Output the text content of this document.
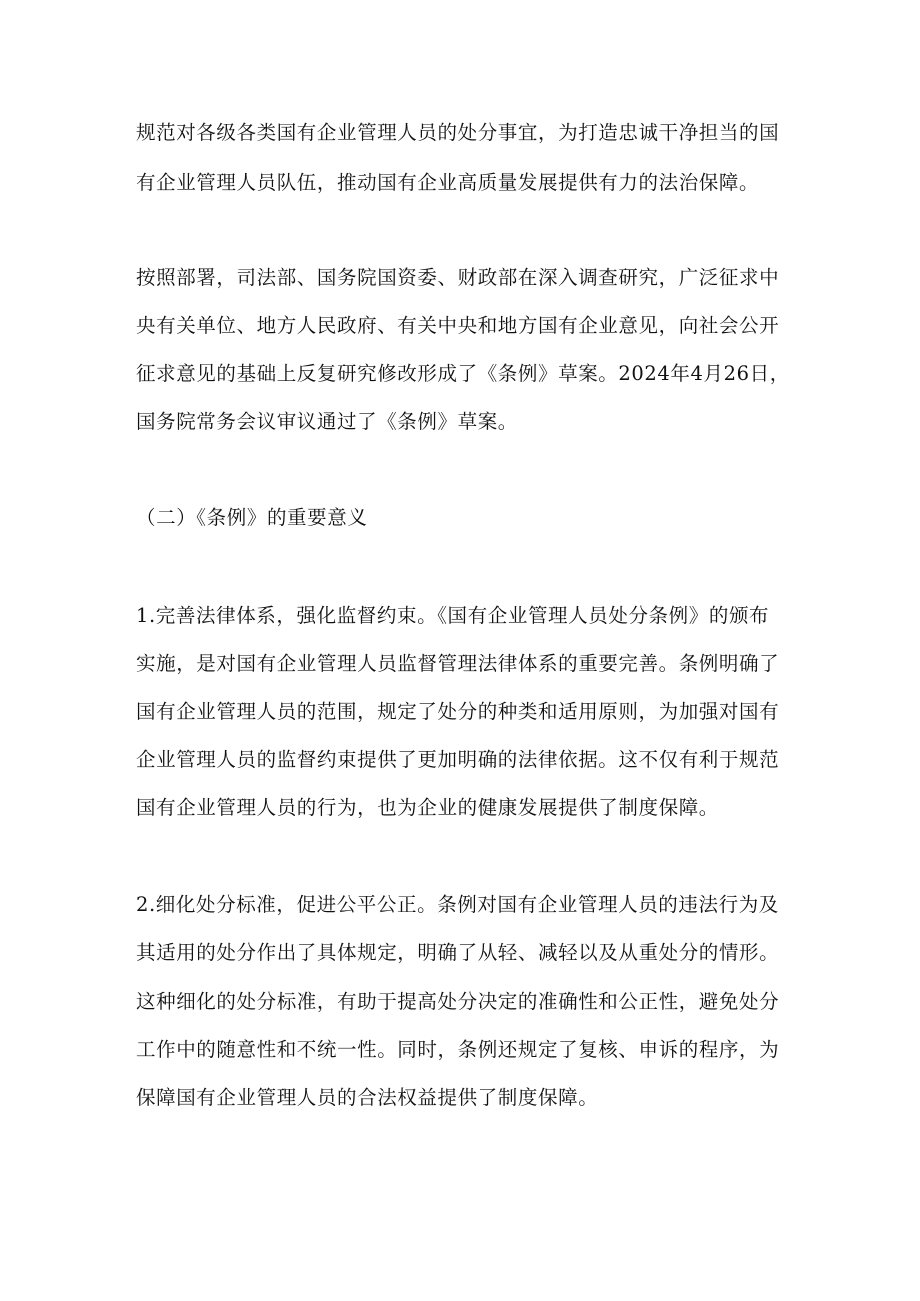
规范对各级各类国有企业管理人员的处分事宜，为打造忠诚干净担当的国

有企业管理人员队伍，推动国有企业高质量发展提供有力的法治保障。

按照部署，司法部、国务院国资委、财政部在深入调查研究，广泛征求中

央有关单位、地方人民政府、有关中央和地方国有企业意见，向社会公开

征求意见的基础上反复研究修改形成了《条例》草案。2024年4月26日，

国务院常务会议审议通过了《条例》草案。

（二）《条例》的重要意义

1.完善法律体系，强化监督约束。《国有企业管理人员处分条例》的颁布

实施，是对国有企业管理人员监督管理法律体系的重要完善。条例明确了

国有企业管理人员的范围，规定了处分的种类和适用原则，为加强对国有

企业管理人员的监督约束提供了更加明确的法律依据。这不仅有利于规范

国有企业管理人员的行为，也为企业的健康发展提供了制度保障。

2.细化处分标准，促进公平公正。条例对国有企业管理人员的违法行为及

其适用的处分作出了具体规定，明确了从轻、减轻以及从重处分的情形。

这种细化的处分标准，有助于提高处分决定的准确性和公正性，避免处分

工作中的随意性和不统一性。同时，条例还规定了复核、申诉的程序，为

保障国有企业管理人员的合法权益提供了制度保障。
